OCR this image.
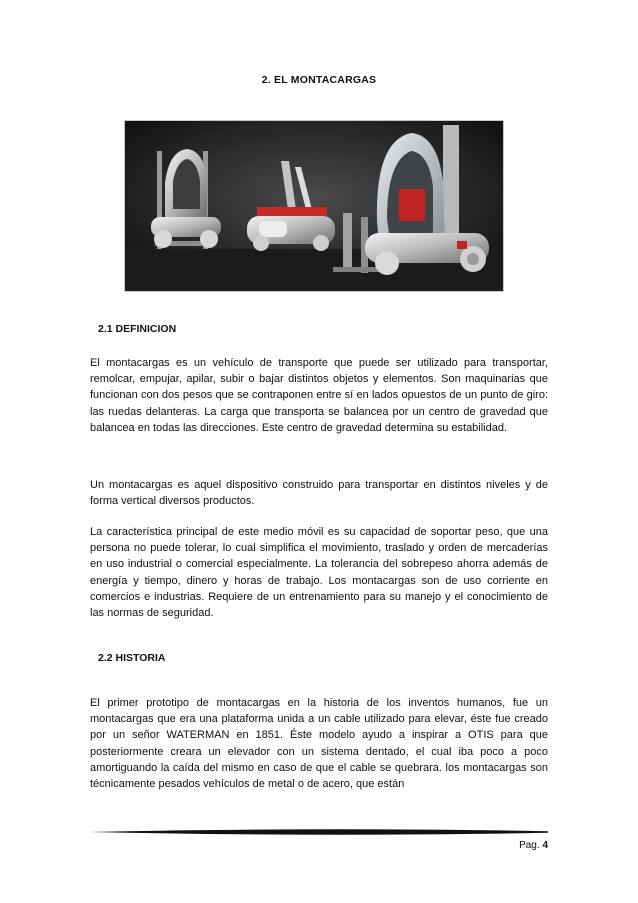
2. EL MONTACARGAS
2.1 DEFINICION

El montacargas es un vehículo de transporte que puede ser utilizado para transportar, remolcar, empujar, apilar, subir o bajar distintos objetos y elementos. Son maquinarias que funcionan con dos pesos que se contraponen entre sí en lados opuestos de un punto de giro: las ruedas delanteras. La carga que transporta se balancea por un centro de gravedad que balancea en todas las direcciones. Este centro de gravedad determina su estabilidad.

Un montacargas es aquel dispositivo construido para transportar en distintos niveles y de forma vertical diversos productos.

La característica principal de este medio móvil es su capacidad de soportar peso, que una persona no puede tolerar, lo cual simplifica el movimiento, traslado y orden de mercaderías en uso industrial o comercial especialmente. La tolerancia del sobrepeso ahorra además de energía y tiempo, dinero y horas de trabajo. Los montacargas son de uso corriente en comercios e industrias. Requiere de un entrenamiento para su manejo y el conocimiento de las normas de seguridad.

2.2 HISTORIA

El primer prototipo de montacargas en la historia de los inventos humanos, fue un montacargas que era una plataforma unida a un cable utilizado para elevar, éste fue creado por un señor WATERMAN en 1851. Éste modelo ayudo a inspirar a OTIS para que posteriormente creara un elevador con un sistema dentado, el cual iba poco a poco amortiguando la caída del mismo en caso de que el cable se quebrara. los montacargas son técnicamente pesados vehículos de metal o de acero, que están

Pag. 4
